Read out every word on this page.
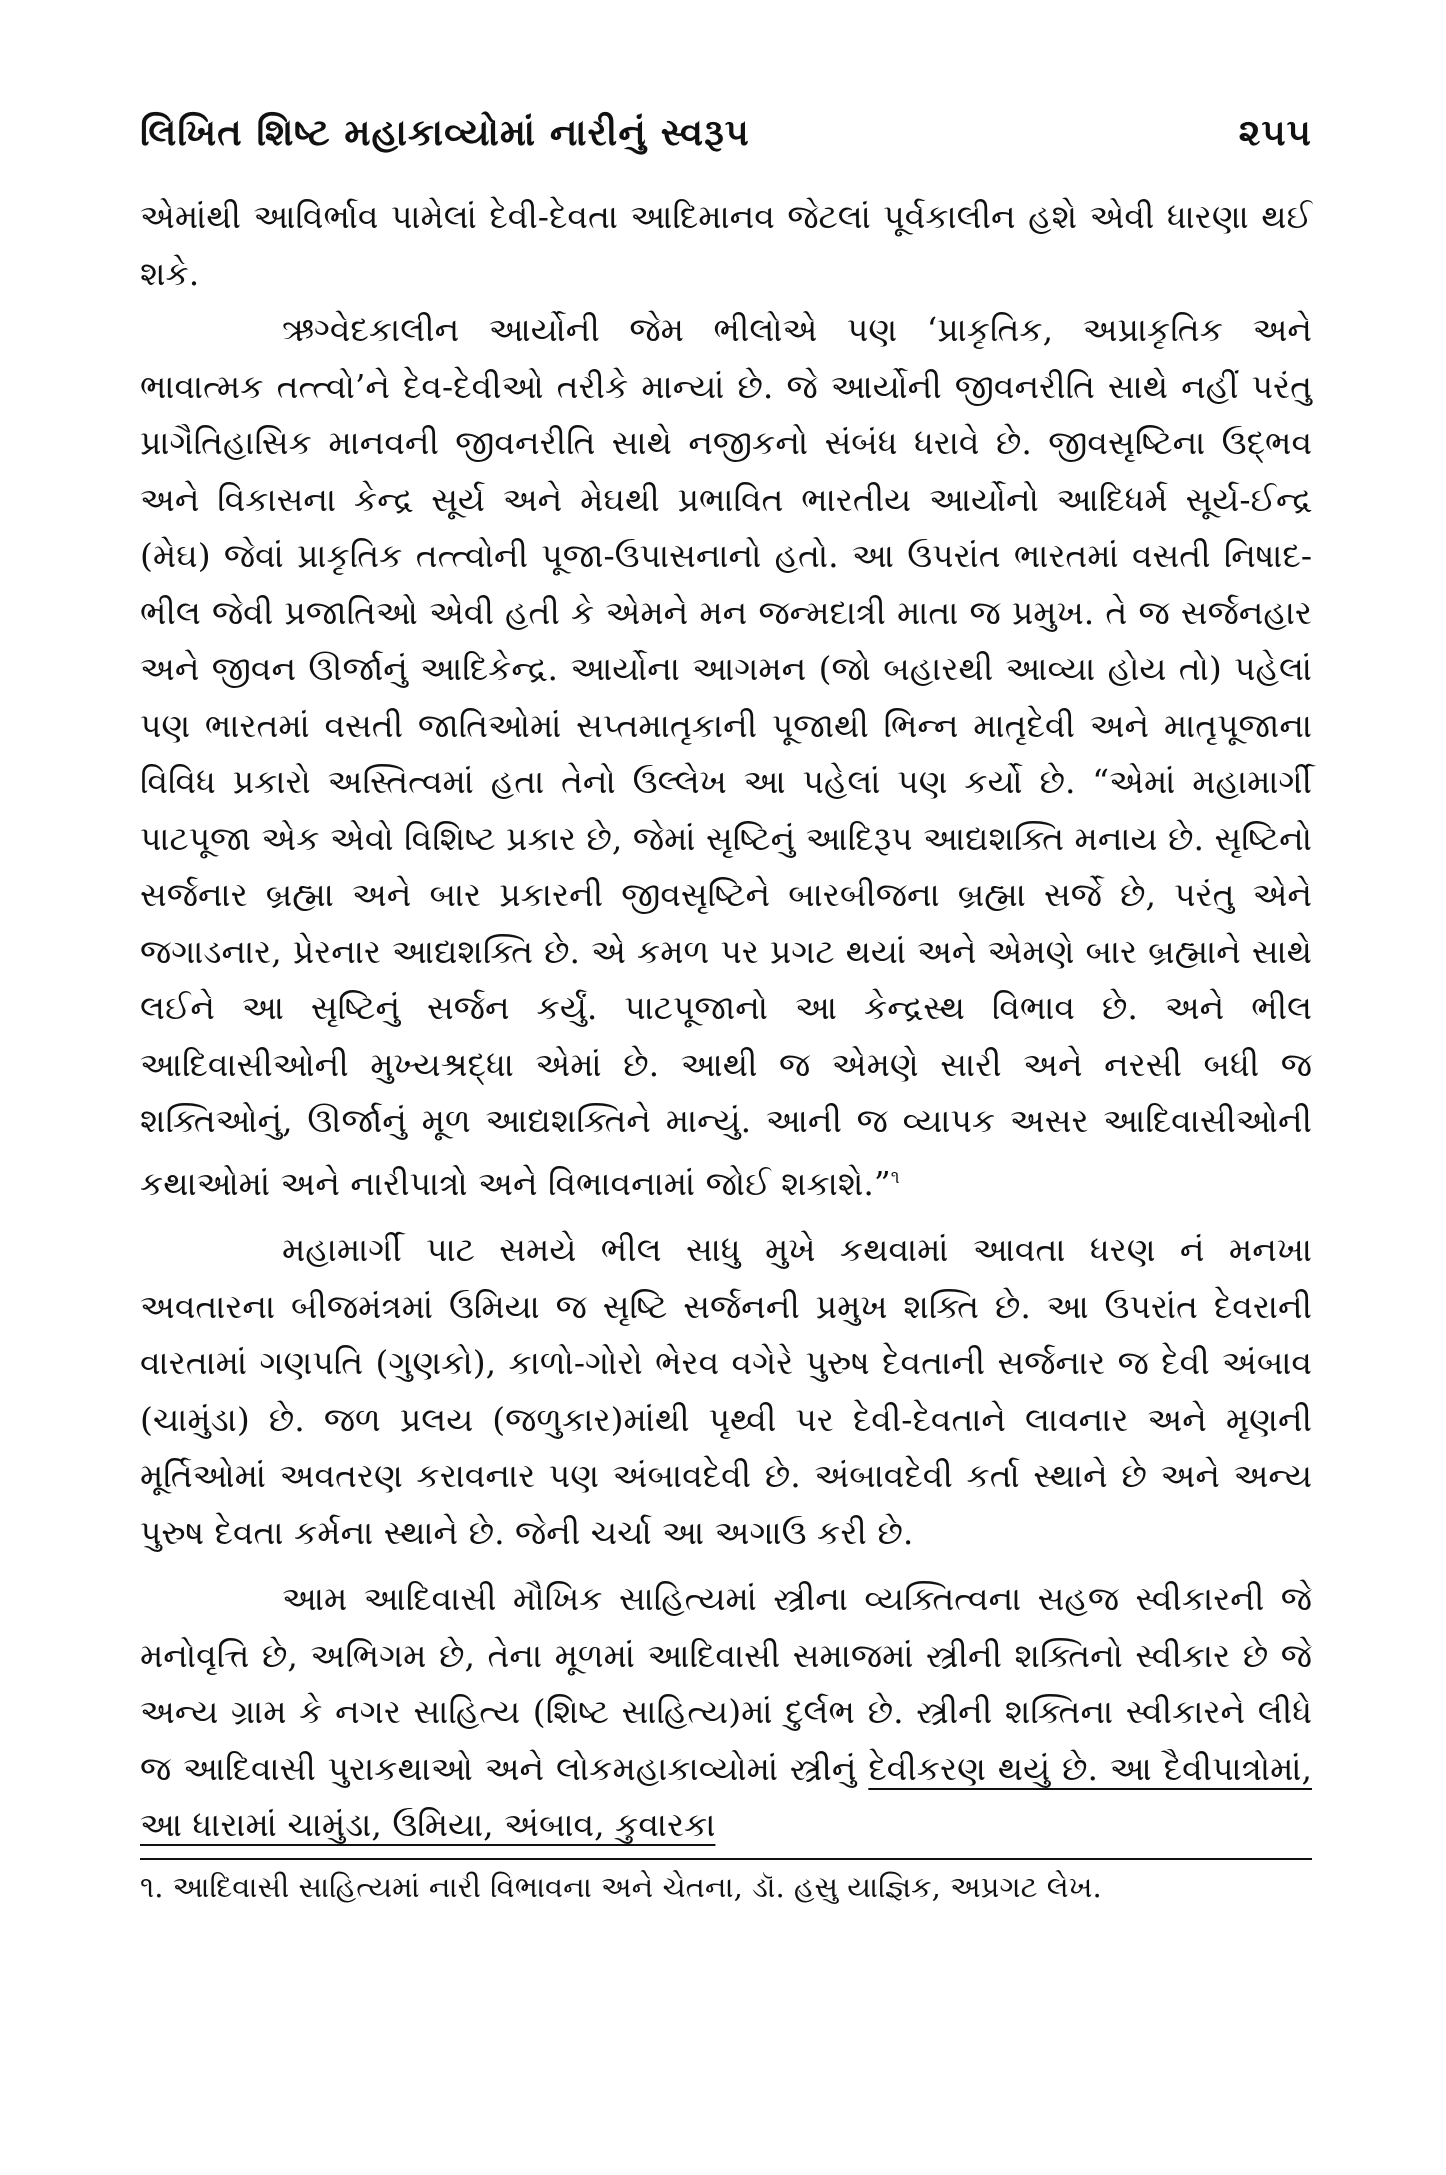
લિખિત શિષ્ટ મહાકાવ્યોમાં નારીનું સ્વરૂપ	૨૫૫

એમાંથી આવિર્ભાવ પામેલાં દેવી-દેવતા આદિમાનવ જેટલાં પૂર્વકાલીન હશે એવી ધારણા થઈ શકે.

ઋગ્વેદકાલીન આર્યોની જેમ ભીલોએ પણ ‘પ્રાકૃતિક, અપ્રાકૃતિક અને ભાવાત્મક તત્ત્વો’ને દેવ-દેવીઓ તરીકે માન્યાં છે. જે આર્યોની જીવનરીતિ સાથે નહીં પરંતુ પ્રાગૈતિહાસિક માનવની જીવનરીતિ સાથે નજીકનો સંબંધ ધરાવે છે. જીવસૃષ્ટિના ઉદ્ભવ અને વિકાસના કેન્દ્ર સૂર્ય અને મેઘથી પ્રભાવિત ભારતીય આર્યોનો આદિધર્મ સૂર્ય-ઈન્દ્ર (મેઘ) જેવાં પ્રાકૃતિક તત્ત્વોની પૂજા-ઉપાસનાનો હતો. આ ઉપરાંત ભારતમાં વસતી નિષાદ-ભીલ જેવી પ્રજાતિઓ એવી હતી કે એમને મન જન્મદાત્રી માતા જ પ્રમુખ. તે જ સર્જનહાર અને જીવન ઊર્જાનું આદિકેન્દ્ર. આર્યોના આગમન (જો બહારથી આવ્યા હોય તો) પહેલાં પણ ભારતમાં વસતી જાતિઓમાં સપ્તમાતૃકાની પૂજાથી ભિન્ન માતૃદેવી અને માતૃપૂજાના વિવિધ પ્રકારો અસ્તિત્વમાં હતા તેનો ઉલ્લેખ આ પહેલાં પણ કર્યો છે. “એમાં મહામાર્ગી પાટપૂજા એક એવો વિશિષ્ટ પ્રકાર છે, જેમાં સૃષ્ટિનું આદિરૂપ આદ્યશક્તિ મનાય છે. સૃષ્ટિનો સર્જનાર બ્રહ્મા અને બાર પ્રકારની જીવસૃષ્ટિને બારબીજના બ્રહ્મા સર્જે છે, પરંતુ એને જગાડનાર, પ્રેરનાર આદ્યશક્તિ છે. એ કમળ પર પ્રગટ થયાં અને એમણે બાર બ્રહ્માને સાથે લઈને આ સૃષ્ટિનું સર્જન કર્યું. પાટપૂજાનો આ કેન્દ્રસ્થ વિભાવ છે. અને ભીલ આદિવાસીઓની મુખ્યશ્રદ્ધા એમાં છે. આથી જ એમણે સારી અને નરસી બધી જ શક્તિઓનું, ઊર્જાનું મૂળ આદ્યશક્તિને માન્યું. આની જ વ્યાપક અસર આદિવાસીઓની કથાઓમાં અને નારીપાત્રો અને વિભાવનામાં જોઈ શકાશે.”$^૧$

મહામાર્ગી પાટ સમયે ભીલ સાધુ મુખે કથવામાં આવતા ધરણ નં મનખા અવતારના બીજમંત્રમાં ઉમિયા જ સૃષ્ટિ સર્જનની પ્રમુખ શક્તિ છે. આ ઉપરાંત દેવરાની વારતામાં ગણપતિ (ગુણકો), કાળો-ગોરો ભેરવ વગેરે પુરુષ દેવતાની સર્જનાર જ દેવી અંબાવ (ચામુંડા) છે. જળ પ્રલય (જળુકાર)માંથી પૃથ્વી પર દેવી-દેવતાને લાવનાર અને મૃણની મૂર્તિઓમાં અવતરણ કરાવનાર પણ અંબાવદેવી છે. અંબાવદેવી કર્તા સ્થાને છે અને અન્ય પુરુષ દેવતા કર્મના સ્થાને છે. જેની ચર્ચા આ અગાઉ કરી છે.

આમ આદિવાસી મૌખિક સાહિત્યમાં સ્ત્રીના વ્યક્તિત્વના સહજ સ્વીકારની જે મનોવૃત્તિ છે, અભિગમ છે, તેના મૂળમાં આદિવાસી સમાજમાં સ્ત્રીની શક્તિનો સ્વીકાર છે જે અન્ય ગ્રામ કે નગર સાહિત્ય (શિષ્ટ સાહિત્ય)માં દુર્લભ છે. સ્ત્રીની શક્તિના સ્વીકારને લીધે જ આદિવાસી પુરાકથાઓ અને લોકમહાકાવ્યોમાં સ્ત્રીનું દેવીકરણ થયું છે. આ દૈવીપાત્રોમાં, આ ધારામાં ચામુંડા, ઉમિયા, અંબાવ, કુવારકા

૧. આદિવાસી સાહિત્યમાં નારી વિભાવના અને ચેતના, ડૉ. હસુ યાજ્ઞિક, અપ્રગટ લેખ.
